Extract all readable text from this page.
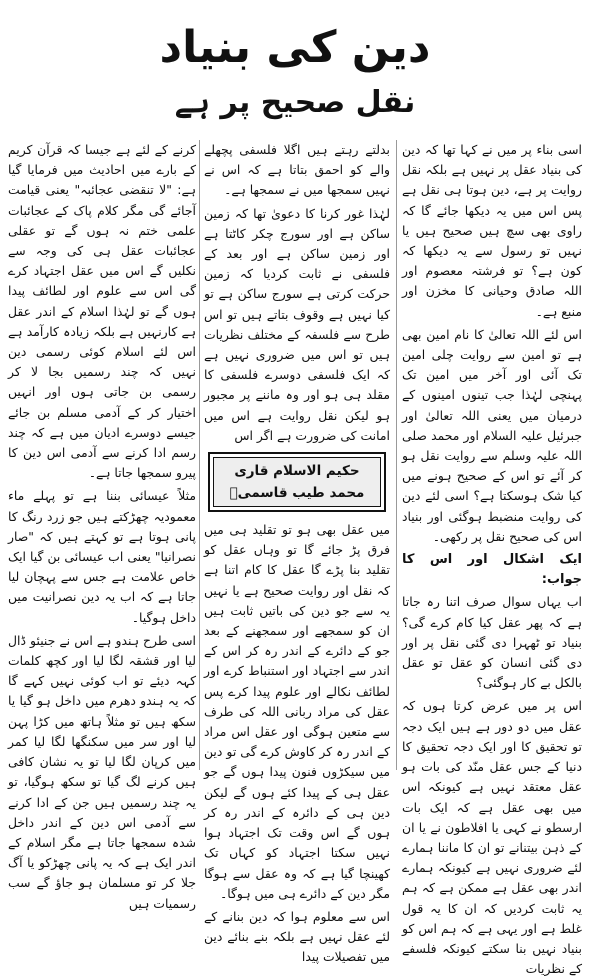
دین کی بنیاد
نقل صحیح پر ہے

اسی بناء پر میں نے کہا تھا کہ دین کی بنیاد عقل پر نہیں ہے بلکہ نقل روایت پر ہے، دین ہوتا ہی نقل ہے پس اس میں یہ دیکھا جائے گا کہ راوی بھی سچ ہیں صحیح ہیں یا نہیں تو رسول سے یہ دیکھا کہ کون ہے؟ تو فرشتہ معصوم اور اللہ صادق وحیانی کا مخزن اور منبع ہے۔

اس لئے اللہ تعالیٰ کا نام امین بھی ہے تو امین سے روایت چلی امین تک آئی اور آخر میں امین تک پہنچی لہٰذا جب تینوں امینوں کے درمیان میں یعنی اللہ تعالیٰ اور جبرئیل علیہ السلام اور محمد صلی اللہ علیہ وسلم سے روایت نقل ہو کر آئے تو اس کے صحیح ہونے میں کیا شک ہوسکتا ہے؟ اسی لئے دین کی روایت منضبط ہوگئی اور بنیاد اس کی صحیح نقل پر رکھی۔

ایک اشکال اور اس کا جواب:

اب یہاں سوال صرف اتنا رہ جاتا ہے کہ پھر عقل کیا کام کرے گی؟ بنیاد تو ٹھہرا دی گئی نقل پر اور دی گئی انسان کو عقل تو عقل بالکل بے کار ہوگئی؟

اس پر میں عرض کرتا ہوں کہ عقل میں دو دور ہے ہیں ایک دجہ تو تحقیق کا اور ایک دجہ تحقیق کا دنیا کے جس عقل منّد کی بات ہو عقل معتقد نہیں ہے کیونکہ اس میں بھی عقل ہے کہ ایک بات ارسطو نے کہی یا افلاطون نے یا ان کے ذہن بیتنانے تو ان کا ماننا ہمارے لئے ضروری نہیں ہے کیونکہ ہمارے اندر بھی عقل ہے ممکن ہے کہ ہم یہ ثابت کردیں کہ ان کا یہ قول غلط ہے اور یہی ہے کہ ہم اس کو بنیاد نہیں بنا سکتے کیونکہ فلسفے کے نظریات

بدلتے رہتے ہیں اگلا فلسفی پچھلے والے کو احمق بتاتا ہے کہ اس نے نہیں سمجھا میں نے سمجھا ہے۔

لہٰذا غور کرنا کا دعویٰ تھا کہ زمین ساکن ہے اور سورج چکر کاٹتا ہے اور زمین ساکن ہے اور بعد کے فلسفی نے ثابت کردیا کہ زمین حرکت کرتی ہے سورج ساکن ہے تو کیا نہیں ہے وقوف بتاتے ہیں تو اس طرح سے فلسفہ کے مختلف نظریات ہیں تو اس میں ضروری نہیں ہے کہ ایک فلسفی دوسرے فلسفی کا مقلد ہی ہو اور وہ ماننے پر مجبور ہو لیکن نقل روایت ہے اس میں امانت کی ضرورت ہے اگر اس

حکیم الاسلام قاری محمد طیب قاسمیؒ

میں عقل بھی ہو تو تقلید ہی میں فرق پڑ جائے گا تو وہاں عقل کو تقلید بنا پڑے گا عقل کا کام اتنا ہے کہ نقل اور روایت صحیح ہے یا نہیں یہ سے جو دین کی باتیں ثابت ہیں ان کو سمجھے اور سمجھنے کے بعد جو کے دائرے کے اندر رہ کر اس کے اندر سے اجتہاد اور استنباط کرے اور لطائف نکالے اور علوم پیدا کرے پس عقل کی مراد ربانی اللہ کی طرف سے متعین ہوگی اور عقل اس مراد کے اندر رہ کر کاوش کرے گی تو دین میں سیکڑوں فنون پیدا ہوں گے جو عقل ہی کے پیدا کئے ہوں گے لیکن دین ہی کے دائرہ کے اندر رہ کر ہوں گے اس وقت تک اجتہاد ہوا نہیں سکتا اجتہاد کو کہاں تک کھینچا گیا ہے کہ وہ عقل سے ہوگا مگر دین کے دائرے ہی میں ہوگا۔

اس سے معلوم ہوا کہ دین بنانے کے لئے عقل نہیں ہے بلکہ بنے بنائے دین میں تفصیلات پیدا

کرنے کے لئے ہے جیسا کہ قرآن کریم کے بارے میں احادیث میں فرمایا گیا ہے: "لا تنقضی عجائبہ" یعنی قیامت آجائے گی مگر کلام پاک کے عجائبات علمی ختم نہ ہوں گے تو عقلی عجائبات عقل ہی کی وجہ سے نکلیں گے اس میں عقل اجتہاد کرے گی اس سے علوم اور لطائف پیدا ہوں گے تو لہٰذا اسلام کے اندر عقل ہے کارنہیں ہے بلکہ زیادہ کارآمد ہے اس لئے اسلام کوئی رسمی دین نہیں کہ چند رسمیں بجا لا کر رسمی بن جاتی ہوں اور انہیں اختیار کر کے آدمی مسلم بن جائے جیسے دوسرے ادیان میں ہے کہ چند رسم ادا کرنے سے آدمی اس دین کا پیرو سمجھا جاتا ہے۔

مثلاً عیسائی بننا ہے تو پہلے ماء معمودیہ چھڑکتے ہیں جو زرد رنگ کا پانی ہوتا ہے تو کہتے ہیں کہ "صار نصرانیا" یعنی اب عیسائی بن گیا ایک خاص علامت ہے جس سے پہچان لیا جاتا ہے کہ اب یہ دین نصرانیت میں داخل ہوگیا۔

اسی طرح ہندو ہے اس نے جنیئو ڈال لیا اور قشقہ لگا لیا اور کچھ کلمات کہہ دیئے تو اب کوئی نہیں کہے گا کہ یہ ہندو دھرم میں داخل ہو گیا یا سکھ ہیں تو مثلاً ہاتھ میں کڑا پہن لیا اور سر میں سکنگھا لگا لیا کمر میں کرپان لگا لیا تو یہ نشان کافی ہیں کرنے لگ گیا تو سکھ ہوگیا، تو یہ چند رسمیں ہیں جن کے ادا کرنے سے آدمی اس دین کے اندر داخل شدہ سمجھا جاتا ہے مگر اسلام کے اندر ایک ہے کہ یہ پانی چھڑکو یا آگ جلا کر تو مسلمان ہو جاؤ گے سب رسمیات ہیں
